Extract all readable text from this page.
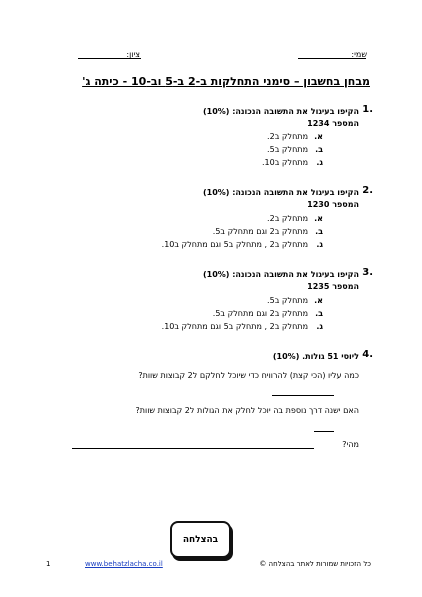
שמי:
ציון:
מבחן בחשבון – סימני התחלקות ב-2 ב-5 וב-10 - כיתה ג'
1.
הקיפו בעיגול את התשובה הנכונה: (10%)
המספר 1234
א.
מתחלק ב2.
ב.
מתחלק ב5.
ג.
מתחלק ב10.
2.
הקיפו בעיגול את התשובה הנכונה: (10%)
המספר 1230
א.
מתחלק ב2.
ב.
מתחלק ב2 וגם מתחלק ב5.
ג.
מתחלק ב2 , מתחלק ב5 וגם מתחלק ב10.
3.
הקיפו בעיגול את התשובה הנכונה: (10%)
המספר 1235
א.
מתחלק ב5.
ב.
מתחלק ב2 וגם מתחלק ב5.
ג.
מתחלק ב2 , מתחלק ב5 וגם מתחלק ב10.
4.
ליוסי 51 גולות. (10%)
כמה עליו (הכי קצת) להרוויח כדי שיוכל לחלקם ל2 קבוצות שוות?
האם ישנה דרך נוספת בה יוכל לחלק את הגולות ל2 קבוצות שוות?
מהי?
בהצלחה
1	www.behatzlacha.co.il	כל הזכויות שמורות לאתר בהצלחה ©
